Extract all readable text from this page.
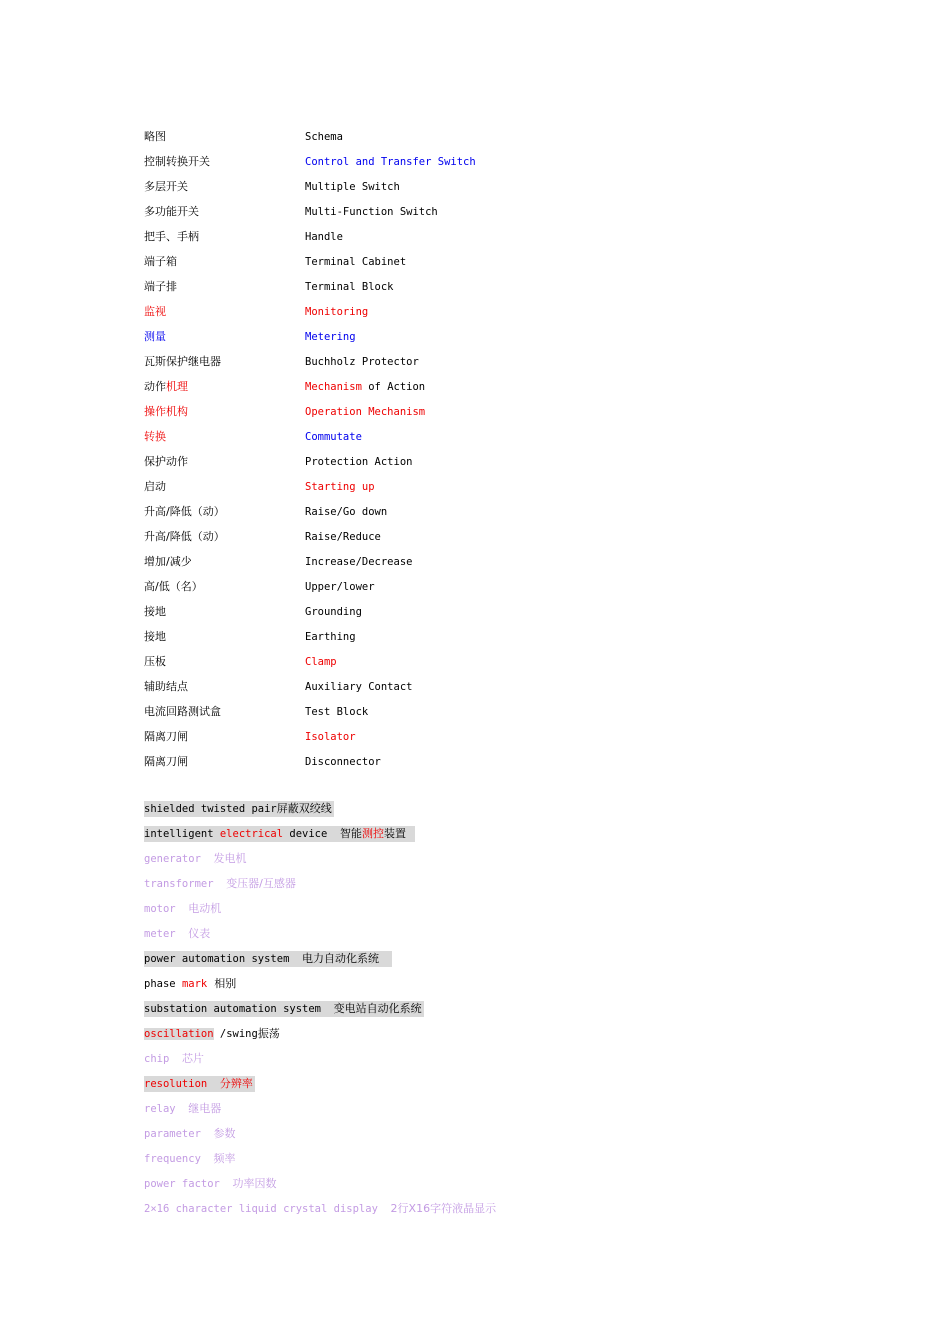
略图	Schema
控制转换开关	Control and Transfer Switch
多层开关	Multiple Switch
多功能开关	Multi-Function Switch
把手、手柄	Handle
端子箱	Terminal Cabinet
端子排	Terminal Block
监视	Monitoring
测量	Metering
瓦斯保护继电器	Buchholz Protector
动作机理	Mechanism of Action
操作机构	Operation Mechanism
转换	Commutate
保护动作	Protection Action
启动	Starting up
升高/降低（动）	Raise/Go down
升高/降低（动）	Raise/Reduce
增加/减少	Increase/Decrease
高/低（名）	Upper/lower
接地	Grounding
接地	Earthing
压板	Clamp
辅助结点	Auxiliary Contact
电流回路测试盒	Test Block
隔离刀闸	Isolator
隔离刀闸	Disconnector
shielded twisted pair屏蔽双绞线
intelligent electrical device  智能测控装置
generator  发电机
transformer  变压器/互感器
motor  电动机
meter  仪表
power automation system  电力自动化系统
phase mark  相别
substation automation system  变电站自动化系统
oscillation /swing振荡
chip  芯片
resolution  分辨率
relay  继电器
parameter  参数
frequency  频率
power factor  功率因数
2×16 character liquid crystal display  2行X16字符液晶显示
